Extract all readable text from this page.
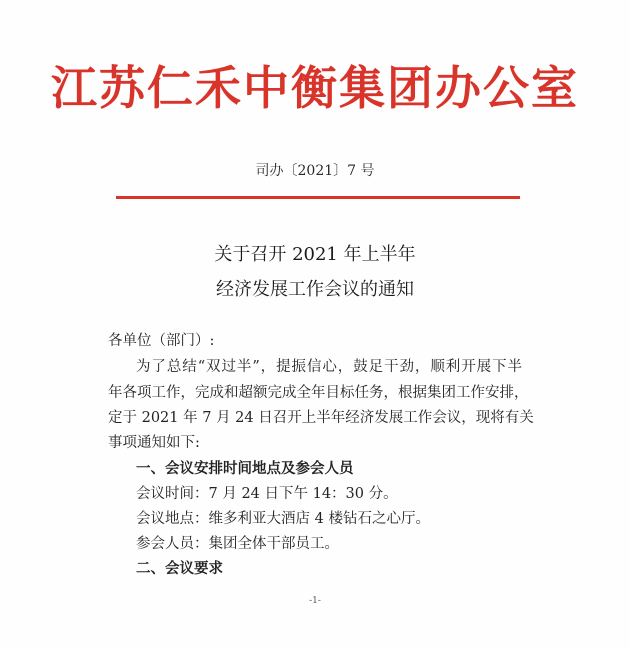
江苏仁禾中衡集团办公室
司办〔2021〕7 号
关于召开 2021 年上半年
经济发展工作会议的通知
各单位（部门）:
为了总结“双过半”，提振信心，鼓足干劲，顺利开展下半
年各项工作，完成和超额完成全年目标任务，根据集团工作安排，
定于 2021 年 7 月 24 日召开上半年经济发展工作会议，现将有关
事项通知如下:
一、会议安排时间地点及参会人员
会议时间：7 月 24 日下午 14：30 分。
会议地点：维多利亚大酒店 4 楼钻石之心厅。
参会人员：集团全体干部员工。
二、会议要求
-1-
